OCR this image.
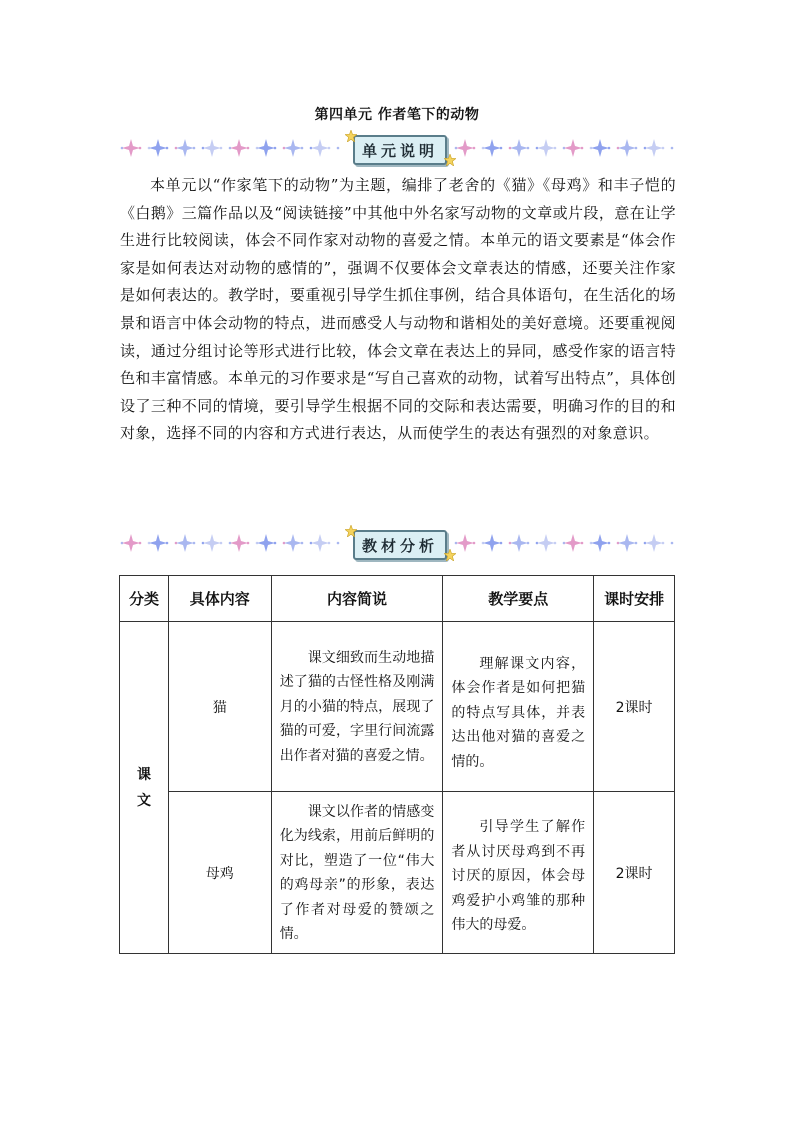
第四单元 作者笔下的动物
单元说明

本单元以“作家笔下的动物”为主题，编排了老舍的《猫》《母鸡》和丰子恺的《白鹅》三篇作品以及“阅读链接”中其他中外名家写动物的文章或片段，意在让学生进行比较阅读，体会不同作家对动物的喜爱之情。本单元的语文要素是“体会作家是如何表达对动物的感情的”，强调不仅要体会文章表达的情感，还要关注作家是如何表达的。教学时，要重视引导学生抓住事例，结合具体语句，在生活化的场景和语言中体会动物的特点，进而感受人与动物和谐相处的美好意境。还要重视阅读，通过分组讨论等形式进行比较，体会文章在表达上的异同，感受作家的语言特色和丰富情感。本单元的习作要求是“写自己喜欢的动物，试着写出特点”，具体创设了三种不同的情境，要引导学生根据不同的交际和表达需要，明确习作的目的和对象，选择不同的内容和方式进行表达，从而使学生的表达有强烈的对象意识。

教材分析
分类	具体内容	内容简说	教学要点	课时安排

课文	猫	课文细致而生动地描述了猫的古怪性格及刚满月的小猫的特点，展现了猫的可爱，字里行间流露出作者对猫的喜爱之情。	理解课文内容，体会作者是如何把猫的特点写具体，并表达出他对猫的喜爱之情的。	2课时
	母鸡	课文以作者的情感变化为线索，用前后鲜明的对比，塑造了一位“伟大的鸡母亲”的形象，表达了作者对母爱的赞颂之情。	引导学生了解作者从讨厌母鸡到不再讨厌的原因，体会母鸡爱护小鸡雏的那种伟大的母爱。	2课时
